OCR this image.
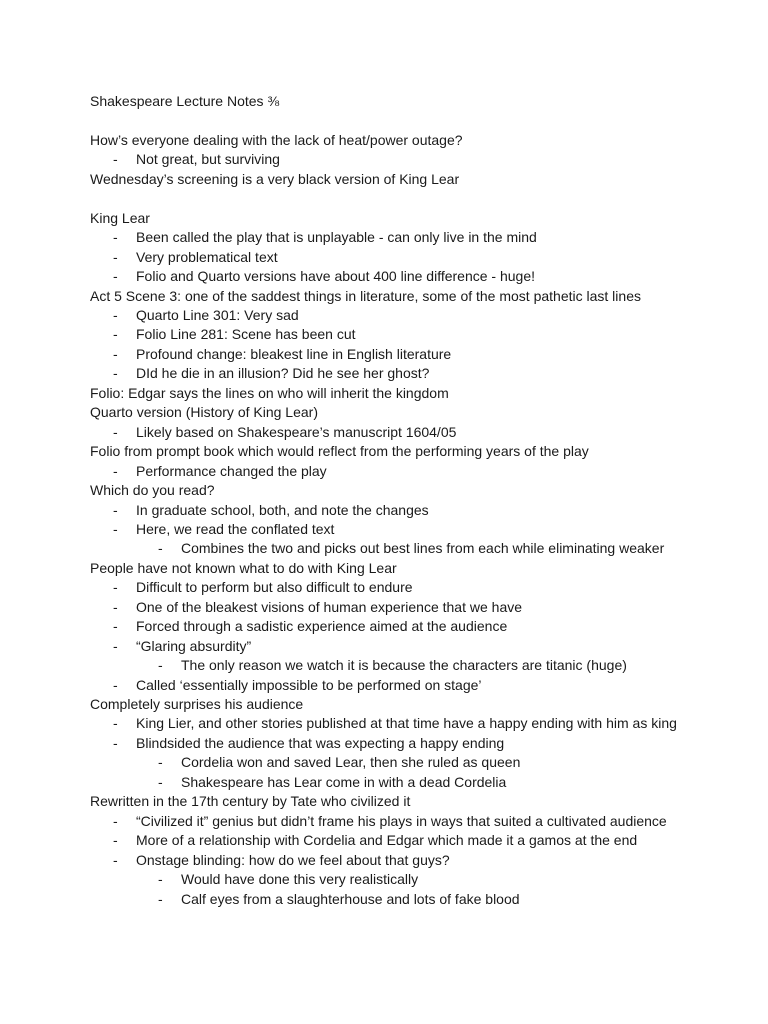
Shakespeare Lecture Notes ⅜
How’s everyone dealing with the lack of heat/power outage?
- Not great, but surviving
Wednesday’s screening is a very black version of King Lear
King Lear
- Been called the play that is unplayable - can only live in the mind
- Very problematical text
- Folio and Quarto versions have about 400 line difference - huge!
Act 5 Scene 3: one of the saddest things in literature, some of the most pathetic last lines
- Quarto Line 301: Very sad
- Folio Line 281: Scene has been cut
- Profound change: bleakest line in English literature
- DId he die in an illusion? Did he see her ghost?
Folio: Edgar says the lines on who will inherit the kingdom
Quarto version (History of King Lear)
- Likely based on Shakespeare’s manuscript 1604/05
Folio from prompt book which would reflect from the performing years of the play
- Performance changed the play
Which do you read?
- In graduate school, both, and note the changes
- Here, we read the conflated text
- Combines the two and picks out best lines from each while eliminating weaker
People have not known what to do with King Lear
- Difficult to perform but also difficult to endure
- One of the bleakest visions of human experience that we have
- Forced through a sadistic experience aimed at the audience
- “Glaring absurdity”
- The only reason we watch it is because the characters are titanic (huge)
- Called ‘essentially impossible to be performed on stage’
Completely surprises his audience
- King Lier, and other stories published at that time have a happy ending with him as king
- Blindsided the audience that was expecting a happy ending
- Cordelia won and saved Lear, then she ruled as queen
- Shakespeare has Lear come in with a dead Cordelia
Rewritten in the 17th century by Tate who civilized it
- “Civilized it” genius but didn’t frame his plays in ways that suited a cultivated audience
- More of a relationship with Cordelia and Edgar which made it a gamos at the end
- Onstage blinding: how do we feel about that guys?
- Would have done this very realistically
- Calf eyes from a slaughterhouse and lots of fake blood
